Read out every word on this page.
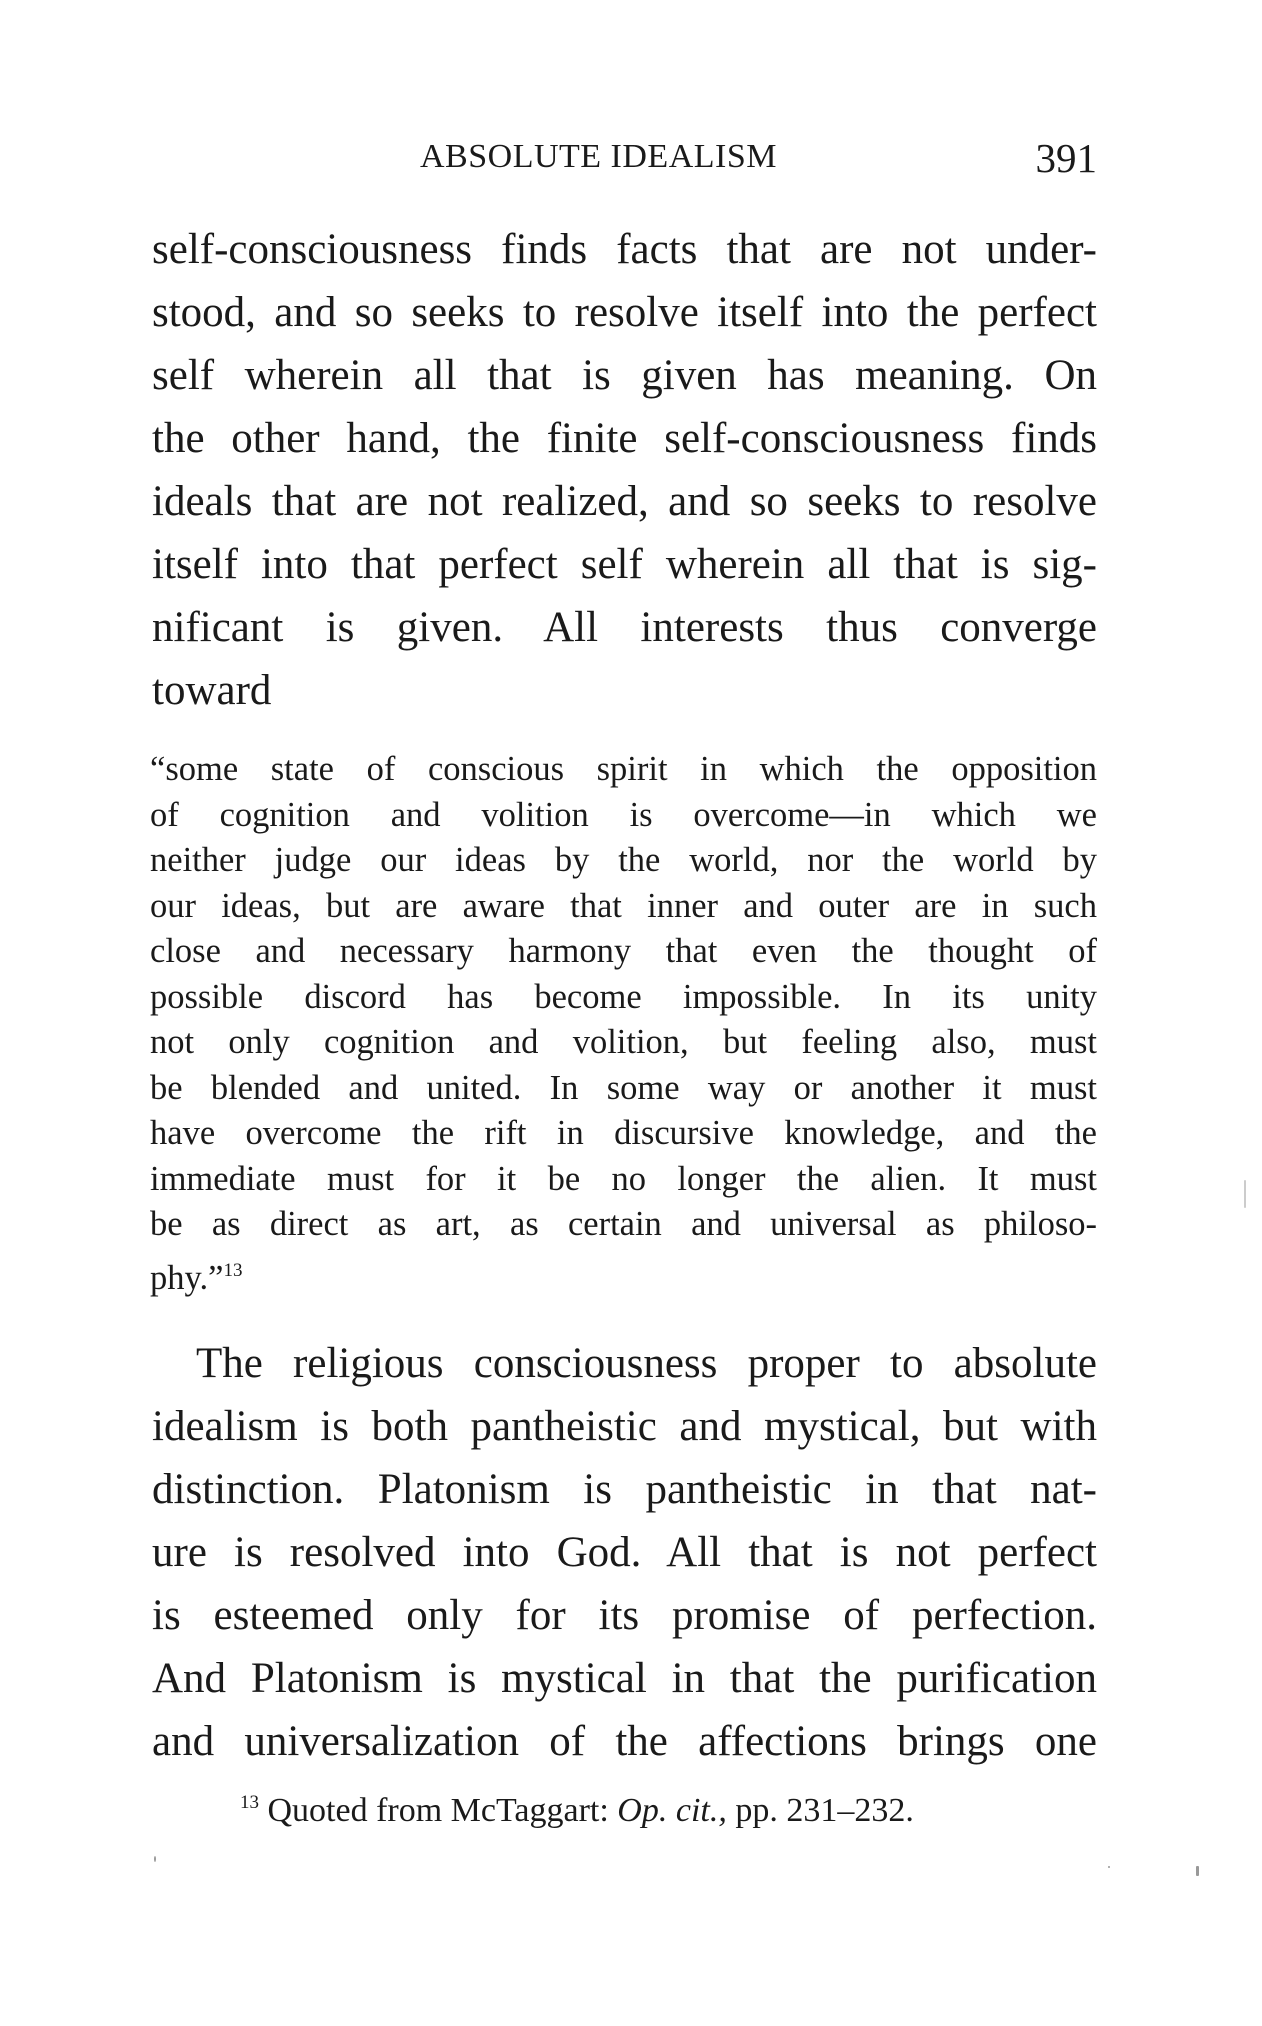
ABSOLUTE IDEALISM	391

self-consciousness finds facts that are not under-
stood, and so seeks to resolve itself into the perfect
self wherein all that is given has meaning. On
the other hand, the finite self-consciousness finds
ideals that are not realized, and so seeks to resolve
itself into that perfect self wherein all that is sig-
nificant is given. All interests thus converge
toward

“some state of conscious spirit in which the opposition
of cognition and volition is overcome—in which we
neither judge our ideas by the world, nor the world by
our ideas, but are aware that inner and outer are in such
close and necessary harmony that even the thought of
possible discord has become impossible. In its unity
not only cognition and volition, but feeling also, must
be blended and united. In some way or another it must
have overcome the rift in discursive knowledge, and the
immediate must for it be no longer the alien. It must
be as direct as art, as certain and universal as philoso-
phy.”$^{13}$

The religious consciousness proper to absolute
idealism is both pantheistic and mystical, but with
distinction. Platonism is pantheistic in that nat-
ure is resolved into God. All that is not perfect
is esteemed only for its promise of perfection.
And Platonism is mystical in that the purification
and universalization of the affections brings one

$^{13}$ Quoted from McTaggart: Op. cit., pp. 231–232.
